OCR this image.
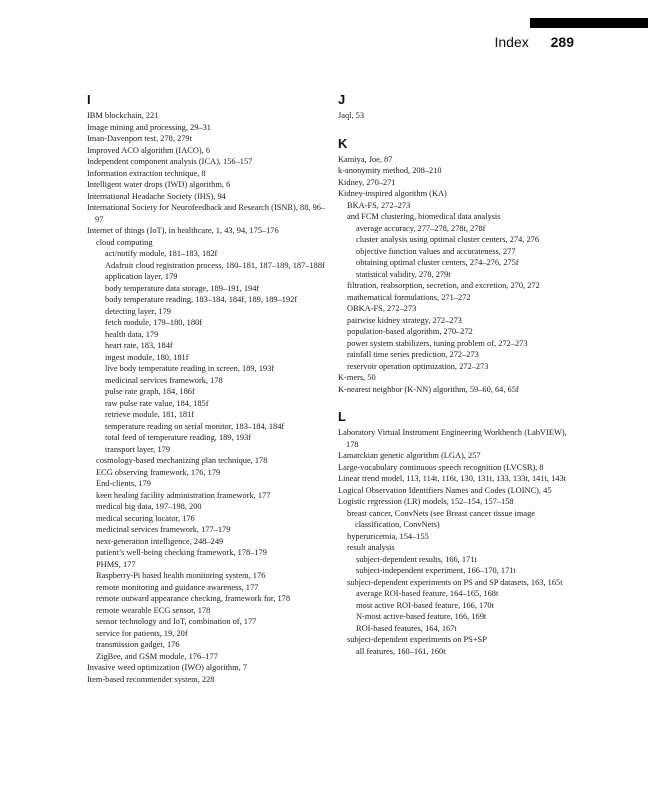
Index 289
I
IBM blockchain, 221
Image mining and processing, 29–31
Iman-Davenport test, 278, 279t
Improved ACO algorithm (IACO), 6
Independent component analysis (ICA), 156–157
Information extraction technique, 8
Intelligent water drops (IWD) algorithm, 6
International Headache Society (IHS), 94
International Society for Neurofeedback and Research (ISNR), 88, 96–97
Internet of things (IoT), in healthcare, 1, 43, 94, 175–176
cloud computing
act/notify module, 181–183, 182f
Adafruit cloud registration process, 180–181, 187–189, 187–188f
application layer, 179
body temperature data storage, 189–191, 194f
body temperature reading, 183–184, 184f, 189, 189–192f
detecting layer, 179
fetch module, 179–180, 180f
health data, 179
heart rate, 183, 184f
ingest module, 180, 181f
live body temperature reading in screen, 189, 193f
medicinal services framework, 178
pulse rate graph, 184, 186f
raw pulse rate value, 184, 185f
retrieve module, 181, 181f
temperature reading on serial monitor, 183–184, 184f
total feed of temperature reading, 189, 193f
transport layer, 179
cosmology-based mechanizing plan technique, 178
ECG observing framework, 176, 179
End-clients, 179
keen healing facility administration framework, 177
medical big data, 197–198, 200
medical securing locator, 176
medicinal services framework, 177–179
next-generation intelligence, 248–249
patient’s well-being checking framework, 178–179
PHMS, 177
Raspberry-Pi based health monitoring system, 176
remote monitoring and guidance awareness, 177
remote outward appearance checking, framework for, 178
remote wearable ECG sensor, 178
sensor technology and IoT, combination of, 177
service for patients, 19, 20f
transmission gadget, 176
ZigBee, and GSM module, 176–177
Invasive weed optimization (IWO) algorithm, 7
Item-based recommender system, 228
J
Jaql, 53
K
Kamiya, Joe, 87
k-anonymity method, 208–210
Kidney, 270–271
Kidney-inspired algorithm (KA)
BKA-FS, 272–273
and FCM clustering, biomedical data analysis
average accuracy, 277–278, 278t, 278f
cluster analysis using optimal cluster centers, 274, 276
objective function values and accurateness, 277
obtaining optimal cluster centers, 274–276, 275f
statistical validity, 278, 279t
filtration, reabsorption, secretion, and excretion, 270, 272
mathematical formulations, 271–272
OBKA-FS, 272–273
pairwise kidney strategy, 272–273
population-based algorithm, 270–272
power system stabilizers, tuning problem of, 272–273
rainfall time series prediction, 272–273
reservoir operation optimization, 272–273
K-mers, 50
K-nearest neighbor (K-NN) algorithm, 59–60, 64, 65f
L
Laboratory Virtual Instrument Engineering Workbench (LabVIEW), 178
Lamarckian genetic algorithm (LGA), 257
Large-vocabulary continuous speech recognition (LVCSR), 8
Linear trend model, 113, 114t, 116t, 130, 131t, 133, 133t, 141t, 143t
Logical Observation Identifiers Names and Codes (LOINC), 45
Logistic regression (LR) models, 152–154, 157–158
breast cancer, ConvNets (see Breast cancer tissue image classification, ConvNets)
hyperuricemia, 154–155
result analysis
subject-dependent results, 166, 171t
subject-independent experiment, 166–170, 171t
subject-dependent experiments on PS and SP datasets, 163, 165t
average ROI-based feature, 164–165, 168t
most active ROI-based feature, 166, 170t
N-most active-based feature, 166, 169t
ROI-based features, 164, 167t
subject-dependent experiments on PS+SP
all features, 160–161, 160t
